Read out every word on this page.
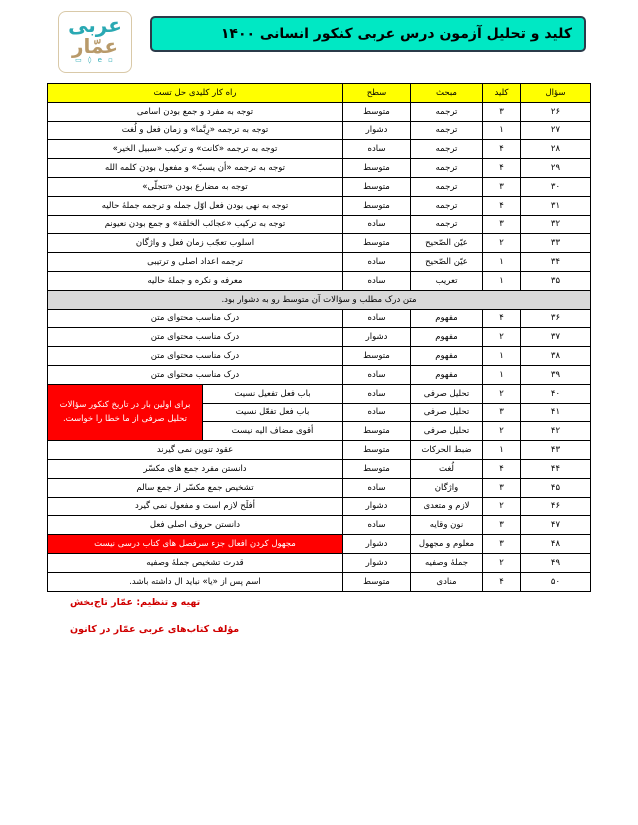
عربی
عمّار
▫ e ◊ ▭
کلید و تحلیل آزمون درس عربی کنکور انسانی ۱۴۰۰
سؤال	کلید	مبحث	سطح	راه کار کلیدی حل تست	
۲۶	۳	ترجمه	متوسط	توجه به مفرد و جمع بودن اسامی	
۲۷	۱	ترجمه	دشوار	توجه به ترجمه «رِبَّما» و زمان فعل و لُغت	
۲۸	۴	ترجمه	ساده	توجه به ترجمه «کانت» و ترکیب «سبیل الخیر»	
۲۹	۴	ترجمه	متوسط	توجه به ترجمه «أن یسبّ» و مفعول بودن کلمه الله	
۳۰	۳	ترجمه	متوسط	توجه به مضارع بودن «تتجلّی»	
۳۱	۴	ترجمه	متوسط	توجه به نهی بودن فعل اوّل جمله و ترجمه جملهٔ حالیه	
۳۲	۳	ترجمه	ساده	توجه به ترکیب «عجائب الخلقة» و جمع بودن نعیونم	
۳۳	۲	عیّن الصّحیح	متوسط	اسلوب تعجّب زمان فعل و واژگان	
۳۴	۱	عیّن الصّحیح	ساده	ترجمه اعداد اصلی و ترتیبی	
۳۵	۱	تعریب	ساده	معرفه و نکره و جملهٔ حالیه	
متن درک مطلب و سؤالات آن متوسط رو به دشوار بود.					
۳۶	۴	مفهوم	ساده	درک مناسب محتوای متن	
۳۷	۲	مفهوم	دشوار	درک مناسب محتوای متن	
۳۸	۱	مفهوم	متوسط	درک مناسب محتوای متن	
۳۹	۱	مفهوم	ساده	درک مناسب محتوای متن	
۴۰	۲	تحلیل صرفی	ساده	باب فعل تفعیل نسیت	برای اولین بار در تاریخ کنکور سؤالات تحلیل صرفی از ما خطا را خواست.
۴۱	۳	تحلیل صرفی	ساده	باب فعل تفعّل نسیت	
۴۲	۲	تحلیل صرفی	متوسط	أقوی مضاف الیه نیست	
۴۳	۱	ضبط الحرکات	متوسط	عقود تنوین نمی گیرند	
۴۴	۴	لُغت	متوسط	دانستن مفرد جمع های مکسّر	
۴۵	۳	واژگان	ساده	تشخیص جمع مکسّر از جمع سالم	
۴۶	۲	لازم و متعدی	دشوار	أفلَح لازم است و مفعول نمی گیرد	
۴۷	۳	نون وقایه	ساده	دانستن حروف اصلی فعل	
۴۸	۳	معلوم و مجهول	دشوار	مجهول کردن افعال جزء سرفصل های کتاب درسی نیست	
۴۹	۲	جملهٔ وصفیه	دشوار	قدرت تشخیص جملهٔ وصفیه	
۵۰	۴	منادی	متوسط	اسم پس از «یا» نباید ال داشته باشد.	
تهیه و تنظیم: عمّار تاج‌بخش
مؤلف کتاب‌های عربی عمّار در کانون
